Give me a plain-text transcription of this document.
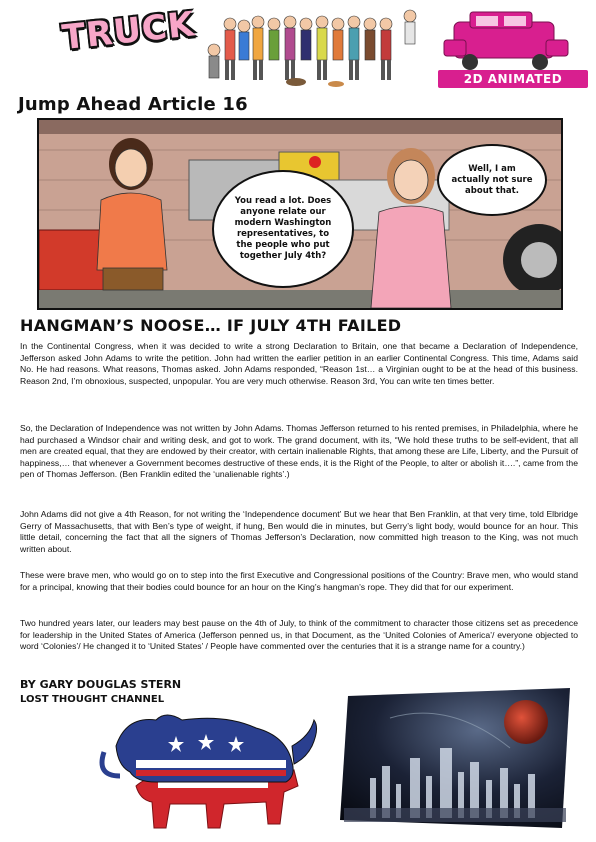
TRUCK
2D ANIMATED SERIES
Jump Ahead Article 16
You read a lot. Does anyone relate our modern Washington representatives, to the people who put together July 4th?
Well, I am actually not sure about that.
HANGMAN’S NOOSE… IF JULY 4TH FAILED

In the Continental Congress, when it was decided to write a strong Declaration to Britain, one that became a Declaration of Independence, Jefferson asked John Adams to write the petition. John had written the earlier petition in an earlier Continental Congress. This time, Adams said No. He had reasons. What reasons, Thomas asked. John Adams responded, “Reason 1st… a Virginian ought to be at the head of this business. Reason 2nd, I’m obnoxious, suspected, unpopular. You are very much otherwise. Reason 3rd, You can write ten times better.

So, the Declaration of Independence was not written by John Adams. Thomas Jefferson returned to his rented premises, in Philadelphia, where he had purchased a Windsor chair and writing desk, and got to work. The grand document, with its, “We hold these truths to be self-evident, that all men are created equal, that they are endowed by their creator, with certain inalienable Rights, that among these are Life, Liberty, and the Pursuit of happiness,… that whenever a Government becomes destructive of these ends, it is the Right of the People, to alter or abolish it….”, came from the pen of Thomas Jefferson. (Ben Franklin edited the ‘unalienable rights’.)

John Adams did not give a 4th Reason, for not writing the ‘Independence document’ But we hear that Ben Franklin, at that very time, told Elbridge Gerry of Massachusetts, that with Ben’s type of weight, if hung, Ben would die in minutes, but Gerry’s light body, would bounce for an hour. This little detail, concerning the fact that all the signers of Thomas Jefferson’s Declaration, now committed high treason to the King, was not much written about.

These were brave men, who would go on to step into the first Executive and Congressional positions of the Country: Brave men, who would stand for a principal, knowing that their bodies could bounce for an hour on the King’s hangman’s rope. They did that for our experiment.

Two hundred years later, our leaders may best pause on the 4th of July, to think of the commitment to character those citizens set as precedence for leadership in the United States of America (Jefferson penned us, in that Document, as the ‘United Colonies of America’/ everyone objected to word ‘Colonies’/ He changed it to ‘United States’ / People have commented over the centuries that it is a strange name for a country.)

BY GARY DOUGLAS STERN
LOST THOUGHT CHANNEL
